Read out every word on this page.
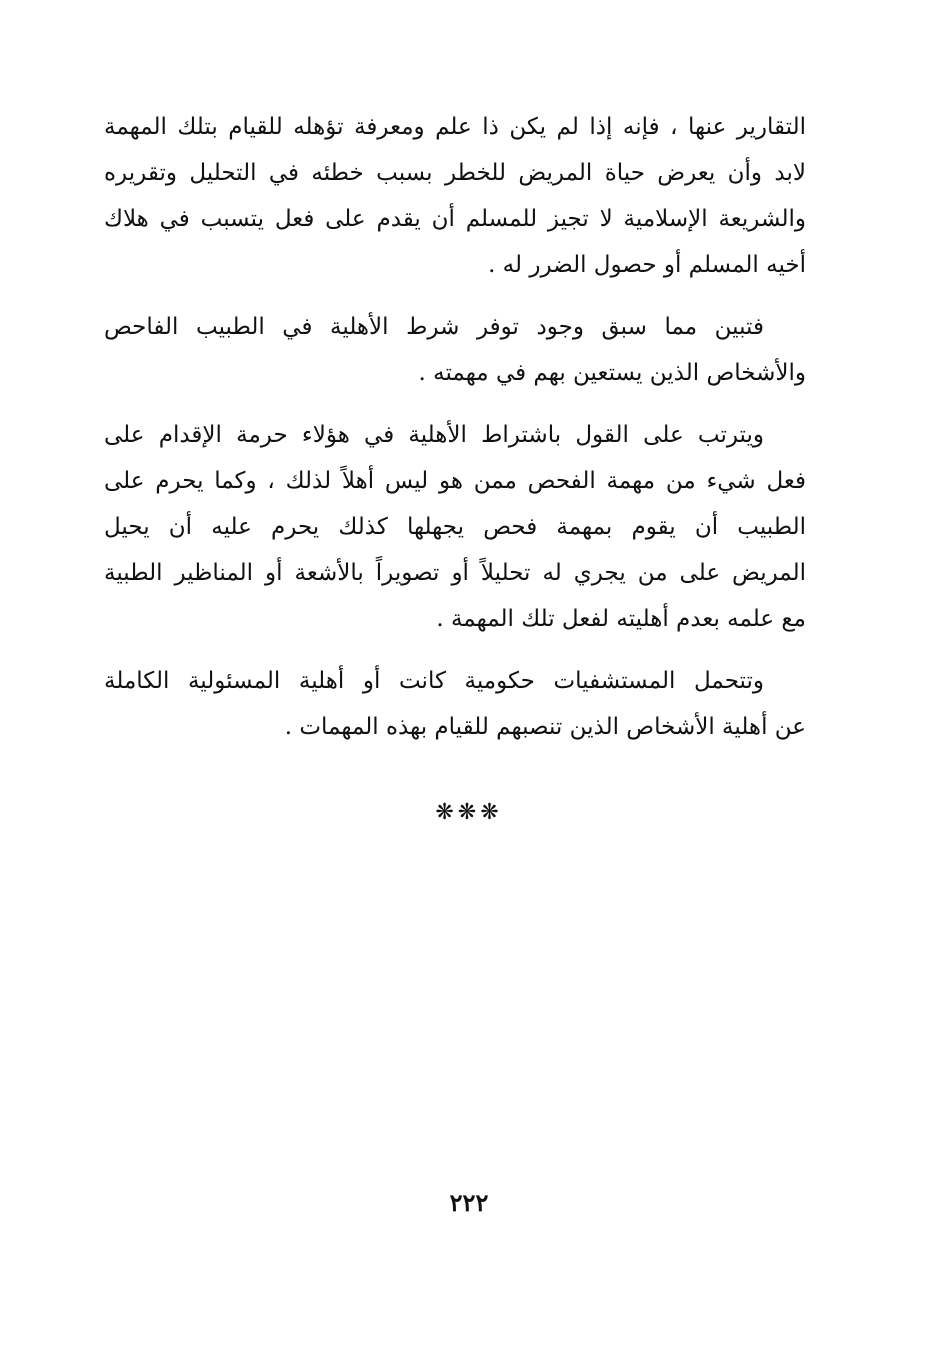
التقارير عنها ، فإنه إذا لم يكن ذا علم ومعرفة تؤهله للقيام بتلك المهمة
لابد وأن يعرض حياة المريض للخطر بسبب خطئه في التحليل وتقريره
والشريعة الإسلامية لا تجيز للمسلم أن يقدم على فعل يتسبب في هلاك
أخيه المسلم أو حصول الضرر له .
فتبين مما سبق وجود توفر شرط الأهلية في الطبيب الفاحص
والأشخاص الذين يستعين بهم في مهمته .
ويترتب على القول باشتراط الأهلية في هؤلاء حرمة الإقدام على
فعل شيء من مهمة الفحص ممن هو ليس أهلاً لذلك ، وكما يحرم على
الطبيب أن يقوم بمهمة فحص يجهلها كذلك يحرم عليه أن يحيل
المريض على من يجري له تحليلاً أو تصويراً بالأشعة أو المناظير الطبية
مع علمه بعدم أهليته لفعل تلك المهمة .
وتتحمل المستشفيات حكومية كانت أو أهلية المسئولية الكاملة
عن أهلية الأشخاص الذين تنصبهم للقيام بهذه المهمات .
❋❋❋
٢٢٢
